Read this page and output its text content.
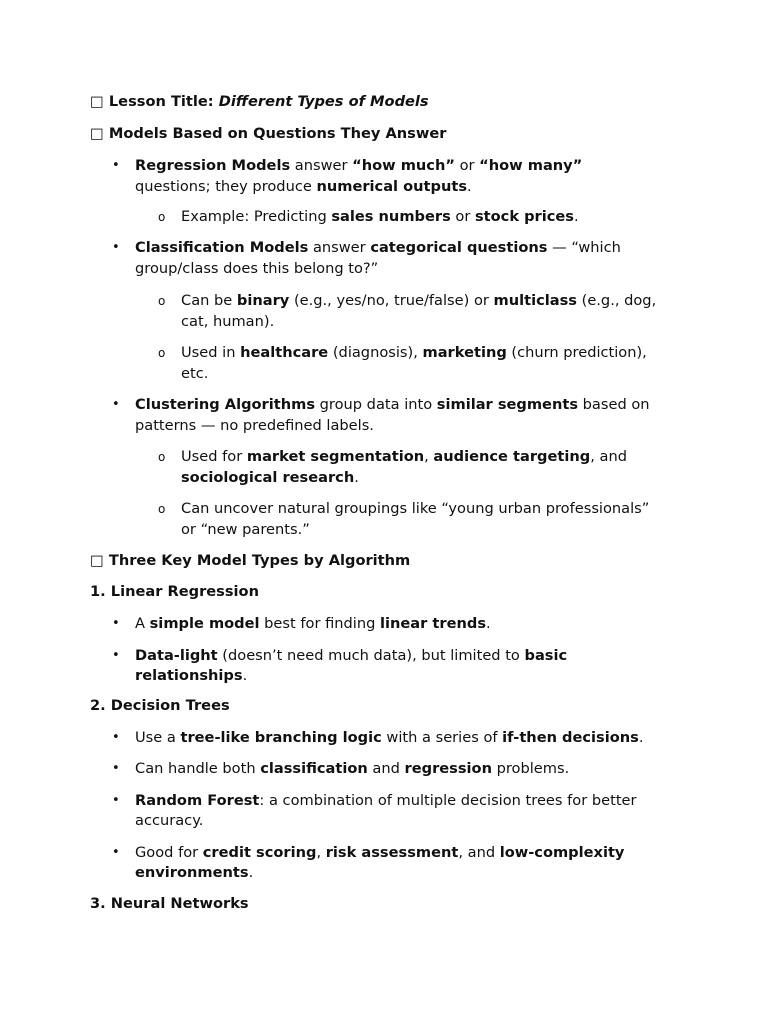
□ Lesson Title: Different Types of Models
□ Models Based on Questions They Answer
• Regression Models answer “how much” or “how many”
questions; they produce numerical outputs.
o Example: Predicting sales numbers or stock prices.
• Classification Models answer categorical questions — “which
group/class does this belong to?”
o Can be binary (e.g., yes/no, true/false) or multiclass (e.g., dog,
cat, human).
o Used in healthcare (diagnosis), marketing (churn prediction),
etc.
• Clustering Algorithms group data into similar segments based on
patterns — no predefined labels.
o Used for market segmentation, audience targeting, and
sociological research.
o Can uncover natural groupings like “young urban professionals”
or “new parents.”
□ Three Key Model Types by Algorithm
1. Linear Regression
• A simple model best for finding linear trends.
• Data-light (doesn’t need much data), but limited to basic
relationships.
2. Decision Trees
• Use a tree-like branching logic with a series of if-then decisions.
• Can handle both classification and regression problems.
• Random Forest: a combination of multiple decision trees for better
accuracy.
• Good for credit scoring, risk assessment, and low-complexity
environments.
3. Neural Networks
